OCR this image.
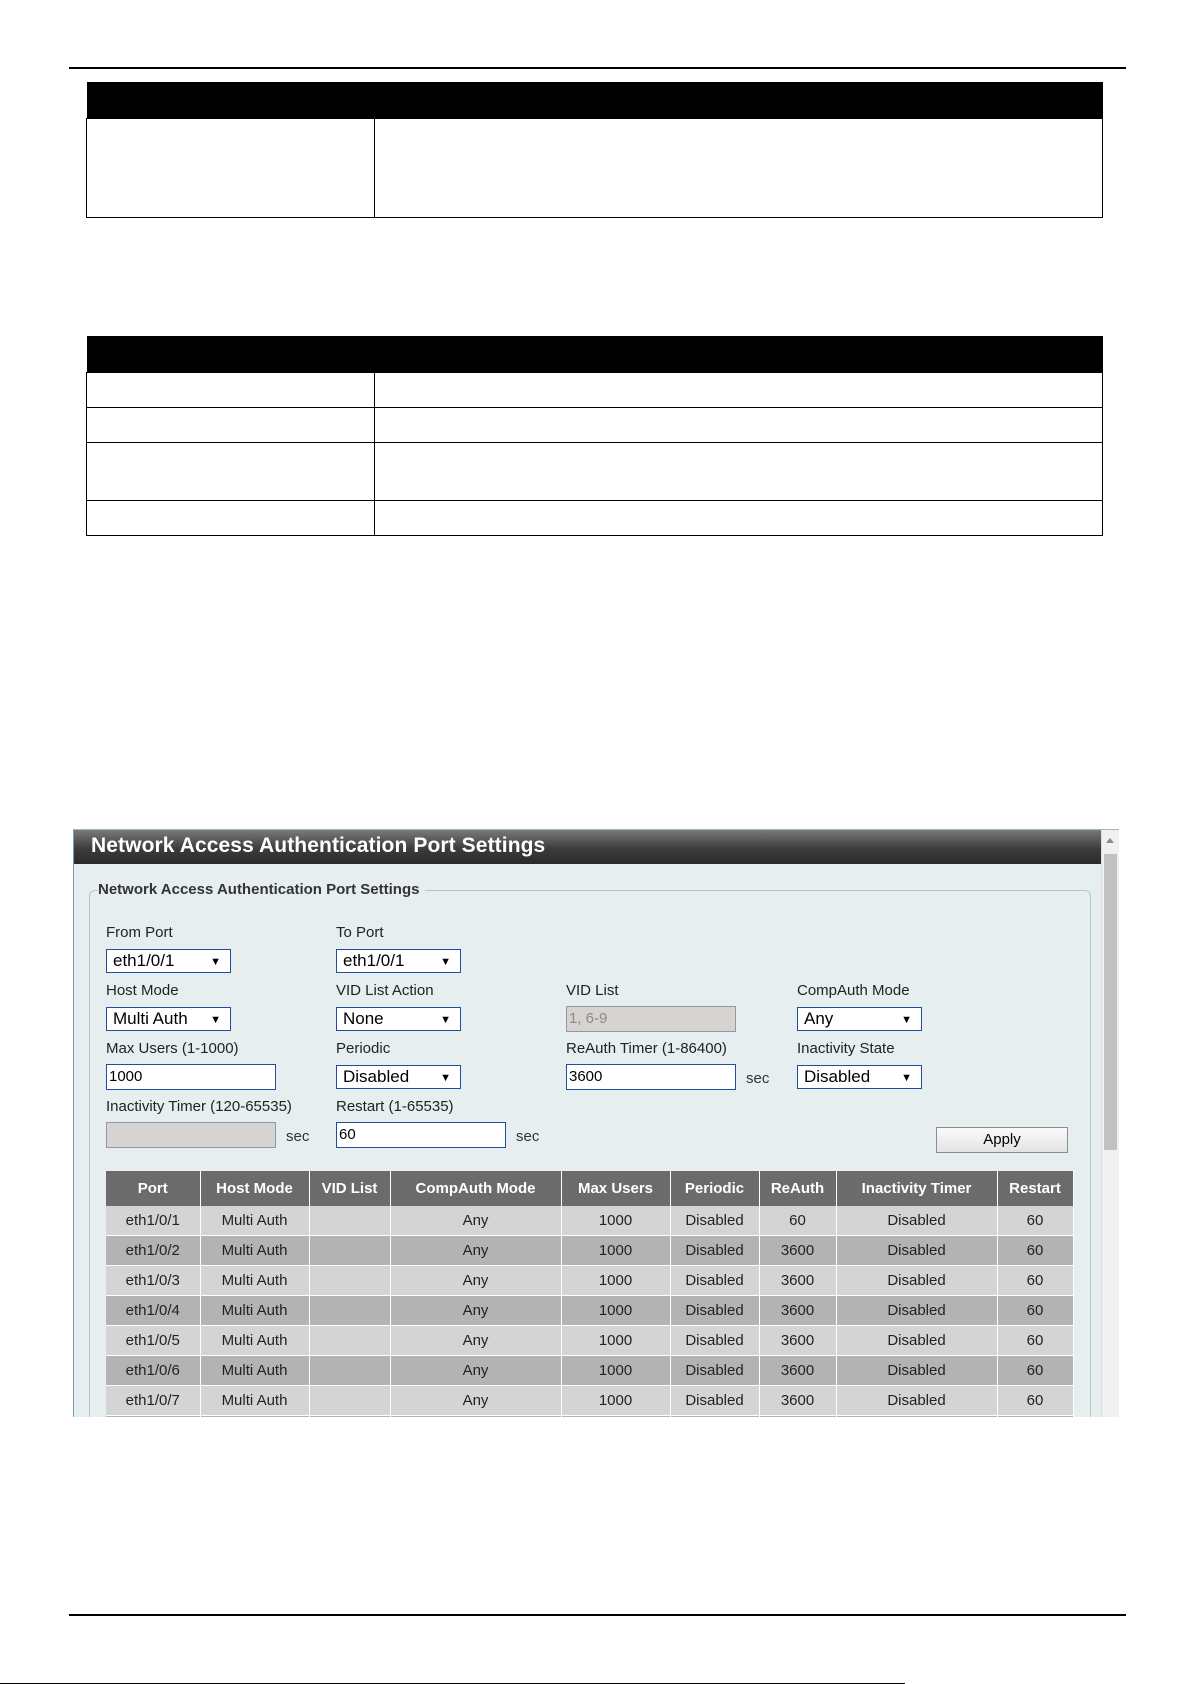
Network Access Authentication Port Settings
Network Access Authentication Port Settings
From Port
eth1/0/1	▼
To Port
eth1/0/1	▼
Host Mode
Multi Auth ▼
VID List Action
None	▼
VID List
1, 6-9
CompAuth Mode
Any	▼
Max Users (1-1000)
1000
Periodic
Disabled	▼
ReAuth Timer (1-86400)
3600	sec
Inactivity State
Disabled	▼
Inactivity Timer (120-65535)
sec
Restart (1-65535)
60	sec	Apply
Port	Host Mode	VID List	CompAuth Mode	Max Users	Periodic	ReAuth	Inactivity Timer	Restart
eth1/0/1	Multi Auth		Any	1000	Disabled	60	Disabled	60
eth1/0/2	Multi Auth		Any	1000	Disabled	3600	Disabled	60
eth1/0/3	Multi Auth		Any	1000	Disabled	3600	Disabled	60
eth1/0/4	Multi Auth		Any	1000	Disabled	3600	Disabled	60
eth1/0/5	Multi Auth		Any	1000	Disabled	3600	Disabled	60
eth1/0/6	Multi Auth		Any	1000	Disabled	3600	Disabled	60
eth1/0/7	Multi Auth		Any	1000	Disabled	3600	Disabled	60
